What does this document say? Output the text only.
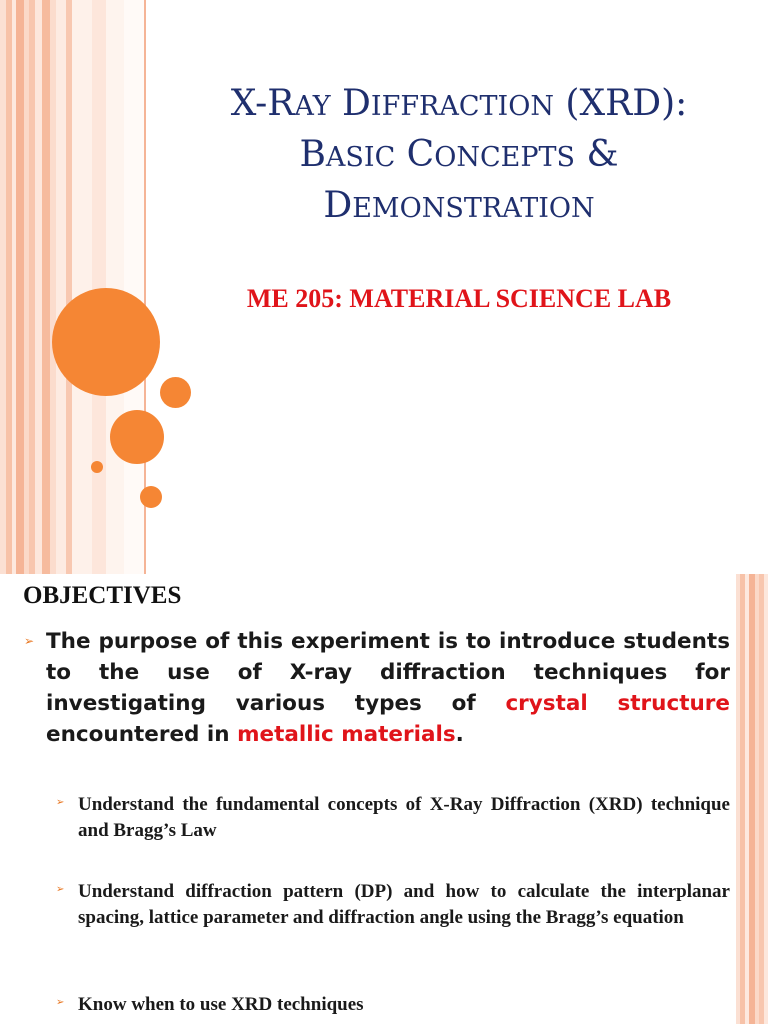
X-RAY DIFFRACTION (XRD):
BASIC CONCEPTS &
DEMONSTRATION
ME 205: MATERIAL SCIENCE LAB
OBJECTIVES
➢ The purpose of this experiment is to introduce students to the use of X-ray diffraction techniques for investigating various types of crystal structure encountered in metallic materials.
➢ Understand the fundamental concepts of X-Ray Diffraction (XRD) technique and Bragg’s Law
➢ Understand diffraction pattern (DP) and how to calculate the interplanar spacing, lattice parameter and diffraction angle using the Bragg’s equation
➢ Know when to use XRD techniques
